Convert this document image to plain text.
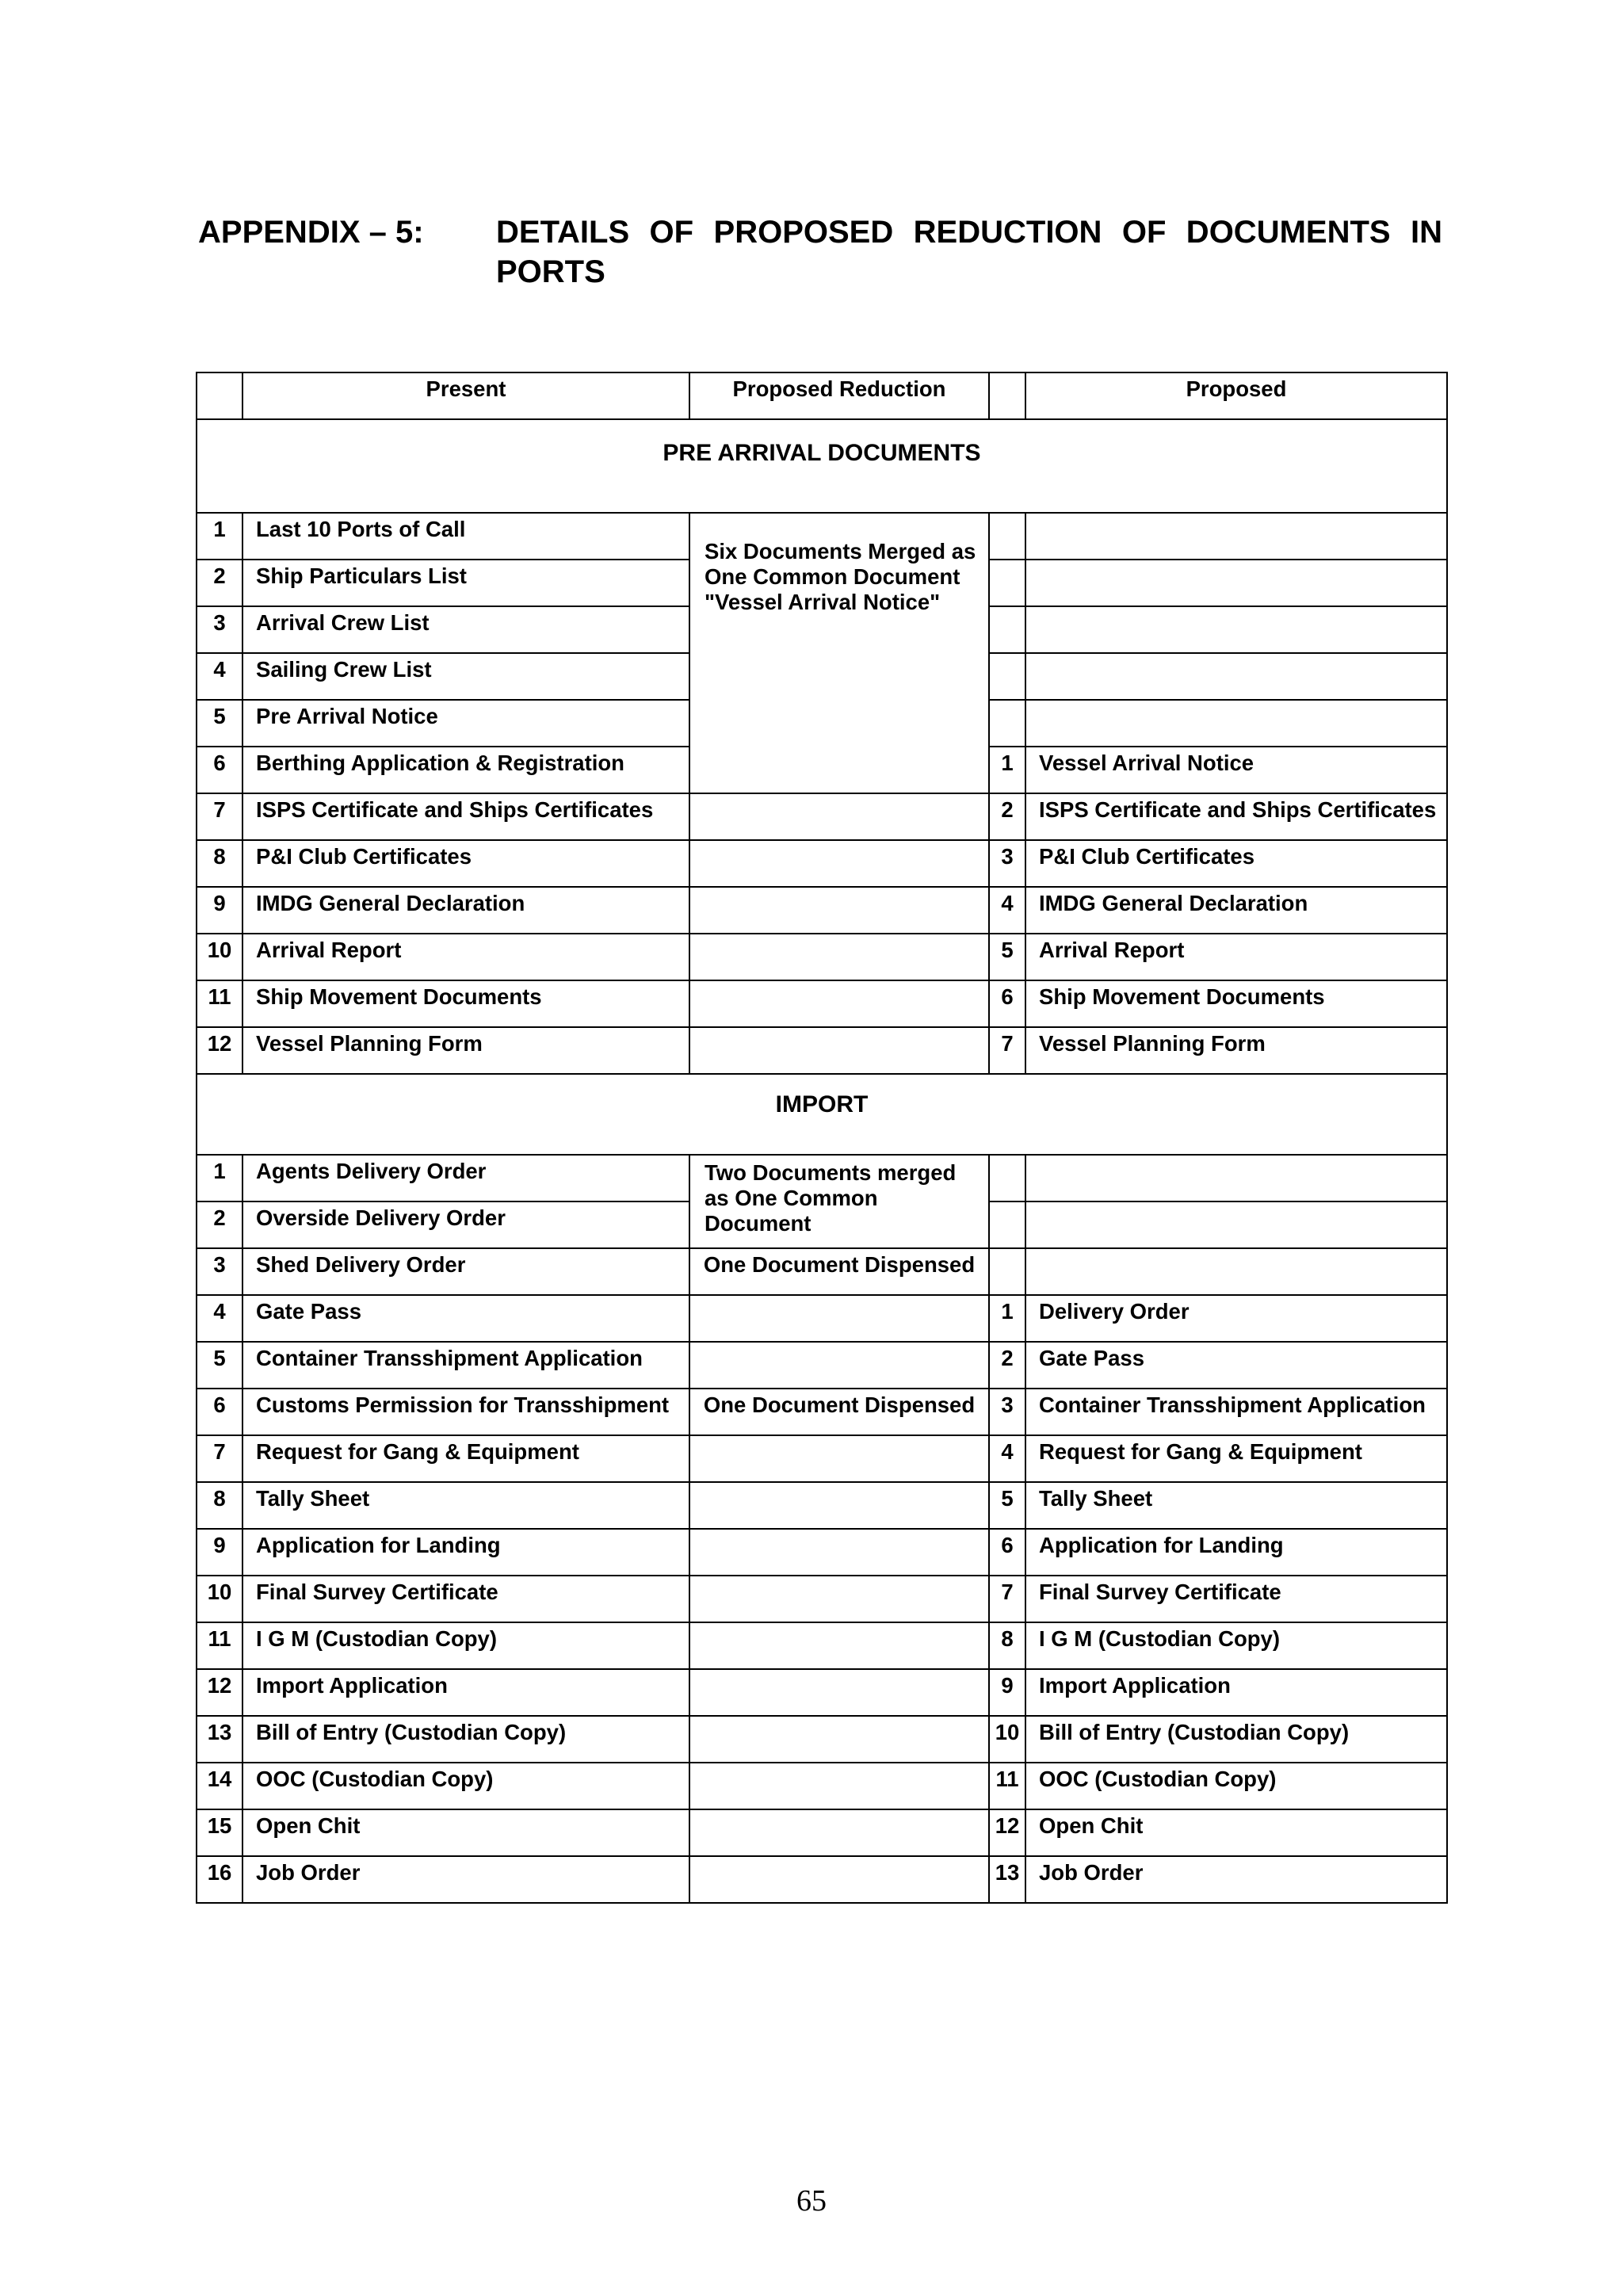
APPENDIX – 5: DETAILS OF PROPOSED REDUCTION OF DOCUMENTS IN PORTS
	Present	Proposed Reduction		Proposed
PRE ARRIVAL DOCUMENTS				
1	Last 10 Ports of Call	Six Documents Merged as One Common Document "Vessel Arrival Notice"		
2	Ship Particulars List			
3	Arrival Crew List			
4	Sailing Crew List			
5	Pre Arrival Notice			
6	Berthing Application & Registration		1	Vessel Arrival Notice
7	ISPS Certificate and Ships Certificates		2	ISPS Certificate and Ships Certificates
8	P&I Club Certificates		3	P&I Club Certificates
9	IMDG General Declaration		4	IMDG General Declaration
10	Arrival Report		5	Arrival Report
11	Ship Movement Documents		6	Ship Movement Documents
12	Vessel Planning Form		7	Vessel Planning Form
IMPORT				
1	Agents Delivery Order	Two Documents merged as One Common Document		
2	Overside Delivery Order			
3	Shed Delivery Order	One Document Dispensed		
4	Gate Pass		1	Delivery Order
5	Container Transshipment Application		2	Gate Pass
6	Customs Permission for Transshipment	One Document Dispensed	3	Container Transshipment Application
7	Request for Gang & Equipment		4	Request for Gang & Equipment
8	Tally Sheet		5	Tally Sheet
9	Application for Landing		6	Application for Landing
10	Final Survey Certificate		7	Final Survey Certificate
11	I G M (Custodian Copy)		8	I G M (Custodian Copy)
12	Import Application		9	Import Application
13	Bill of Entry (Custodian Copy)		10	Bill of Entry (Custodian Copy)
14	OOC (Custodian Copy)		11	OOC (Custodian Copy)
15	Open Chit		12	Open Chit
16	Job Order		13	Job Order
65
